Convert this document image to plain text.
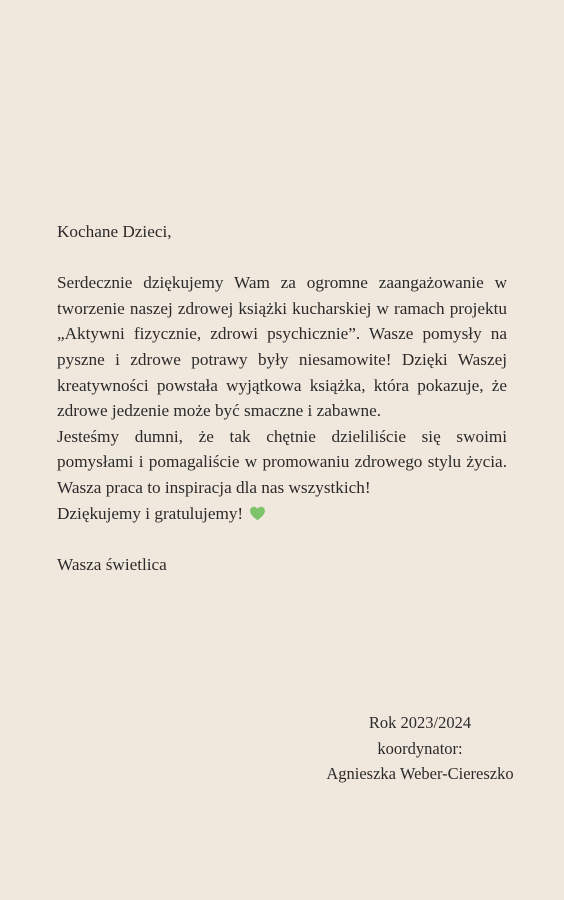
Kochane Dzieci,

Serdecznie dziękujemy Wam za ogromne zaangażowanie w tworzenie naszej zdrowej książki kucharskiej w ramach projektu „Aktywni fizycznie, zdrowi psychicznie”. Wasze pomysły na pyszne i zdrowe potrawy były niesamowite! Dzięki Waszej kreatywności powstała wyjątkowa książka, która pokazuje, że zdrowe jedzenie może być smaczne i zabawne.

Jesteśmy dumni, że tak chętnie dzieliliście się swoimi pomysłami i pomagaliście w promowaniu zdrowego stylu życia. Wasza praca to inspiracja dla nas wszystkich!

Dziękujemy i gratulujemy!

Wasza świetlica

Rok 2023/2024
koordynator:
Agnieszka Weber-Ciereszko
